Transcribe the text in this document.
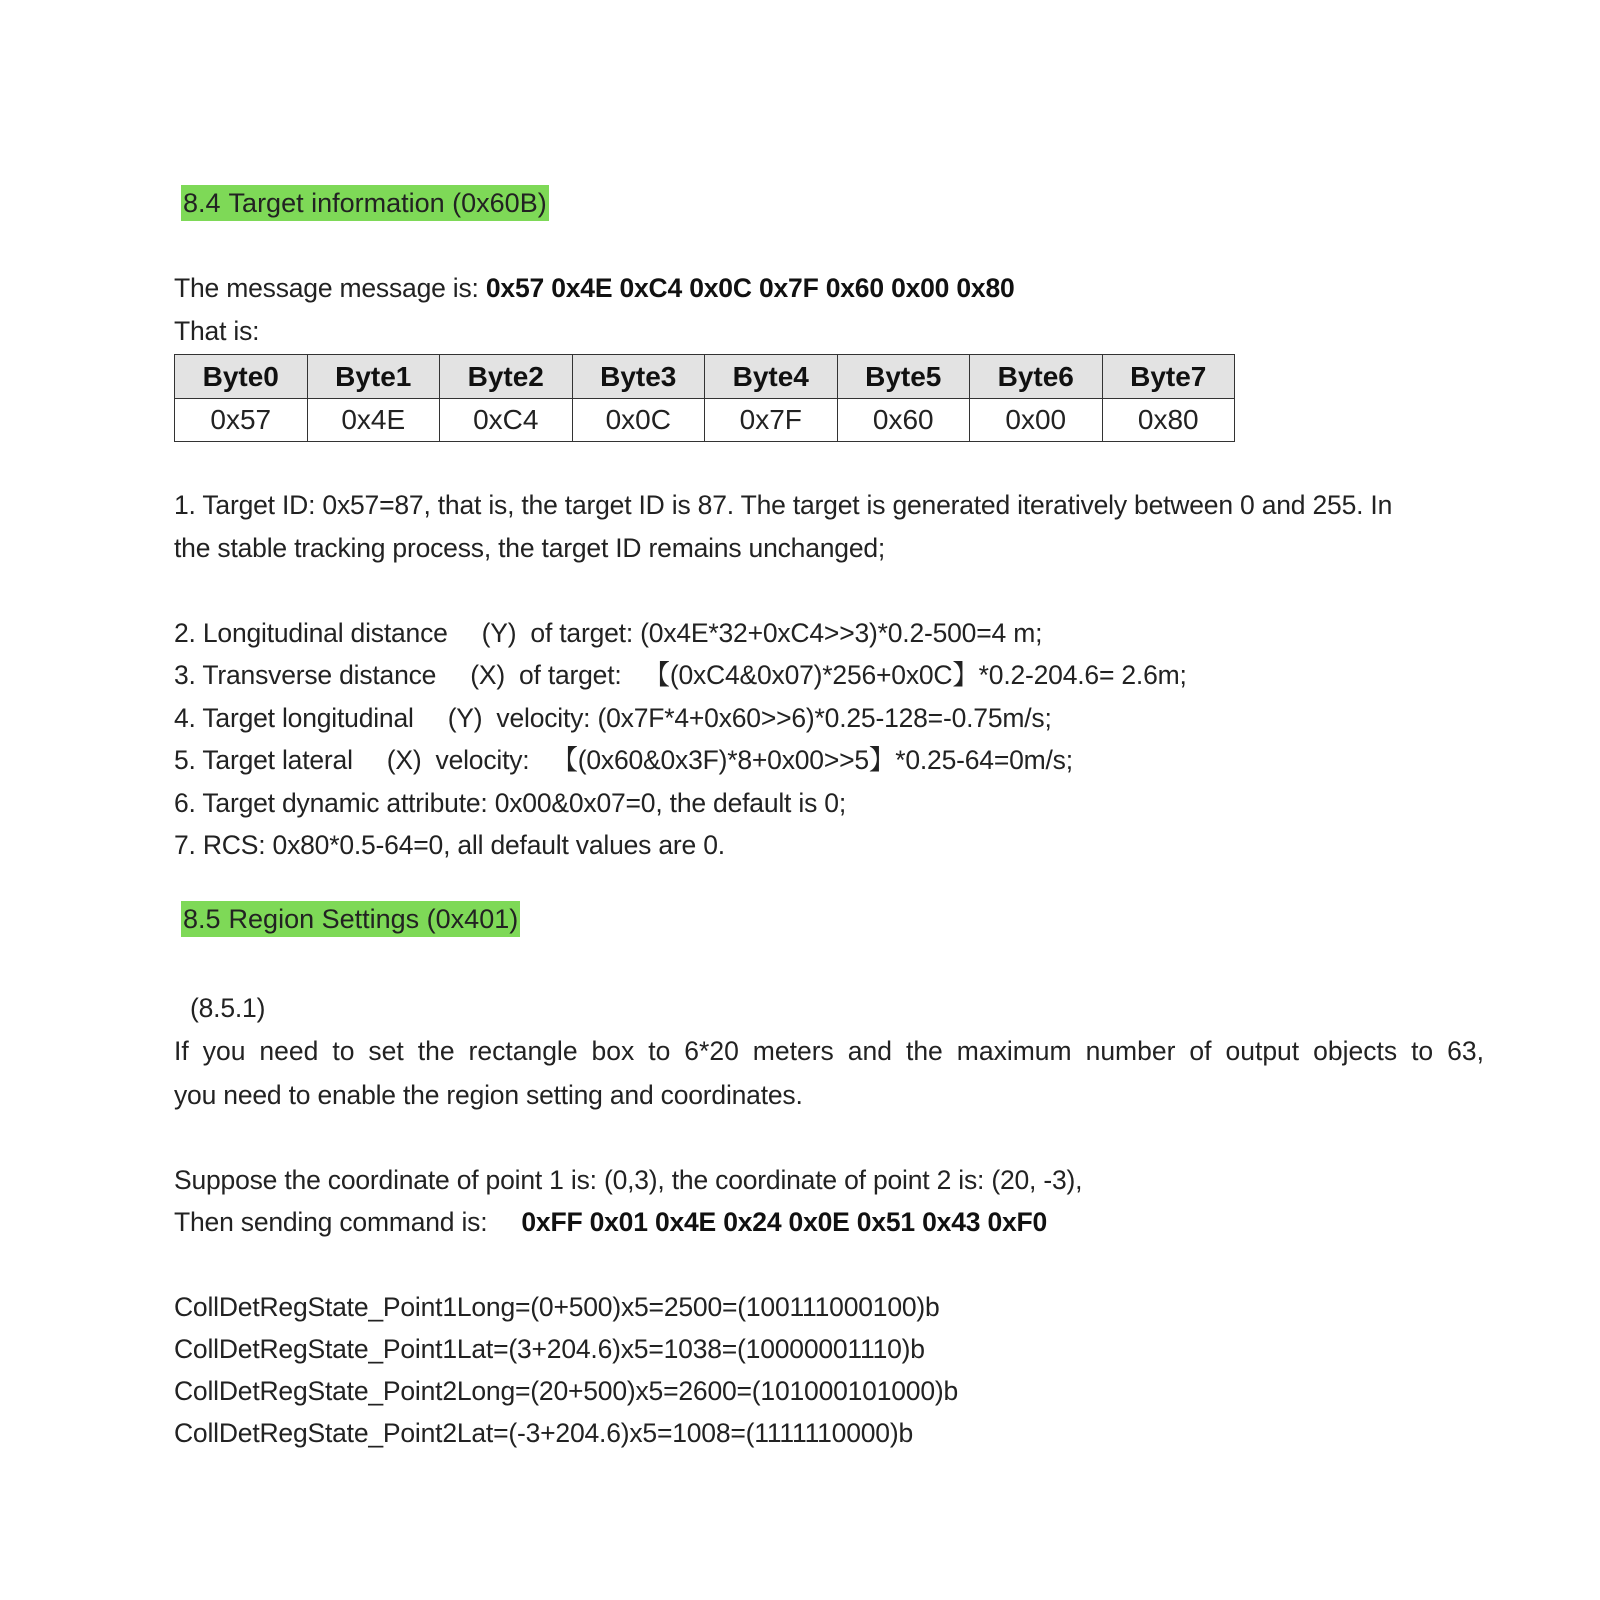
8.4 Target information (0x60B)
The message message is: 0x57 0x4E 0xC4 0x0C 0x7F 0x60 0x00 0x80
That is:
Byte0	Byte1	Byte2	Byte3	Byte4	Byte5	Byte6	Byte7
0x57	0x4E	0xC4	0x0C	0x7F	0x60	0x00	0x80
1. Target ID: 0x57=87, that is, the target ID is 87. The target is generated iteratively between 0 and 255. In
the stable tracking process, the target ID remains unchanged;
2. Longitudinal distance (Y) of target: (0x4E*32+0xC4>>3)*0.2-500=4 m;
3. Transverse distance (X) of target: 【(0xC4&0x07)*256+0x0C】*0.2-204.6= 2.6m;
4. Target longitudinal (Y) velocity: (0x7F*4+0x60>>6)*0.25-128=-0.75m/s;
5. Target lateral (X) velocity: 【(0x60&0x3F)*8+0x00>>5】*0.25-64=0m/s;
6. Target dynamic attribute: 0x00&0x07=0, the default is 0;
7. RCS: 0x80*0.5-64=0, all default values are 0.
8.5 Region Settings (0x401)
(8.5.1)
If you need to set the rectangle box to 6*20 meters and the maximum number of output objects to 63,
you need to enable the region setting and coordinates.
Suppose the coordinate of point 1 is: (0,3), the coordinate of point 2 is: (20, -3),
Then sending command is: 0xFF 0x01 0x4E 0x24 0x0E 0x51 0x43 0xF0
CollDetRegState_Point1Long=(0+500)x5=2500=(100111000100)b
CollDetRegState_Point1Lat=(3+204.6)x5=1038=(10000001110)b
CollDetRegState_Point2Long=(20+500)x5=2600=(101000101000)b
CollDetRegState_Point2Lat=(-3+204.6)x5=1008=(1111110000)b
